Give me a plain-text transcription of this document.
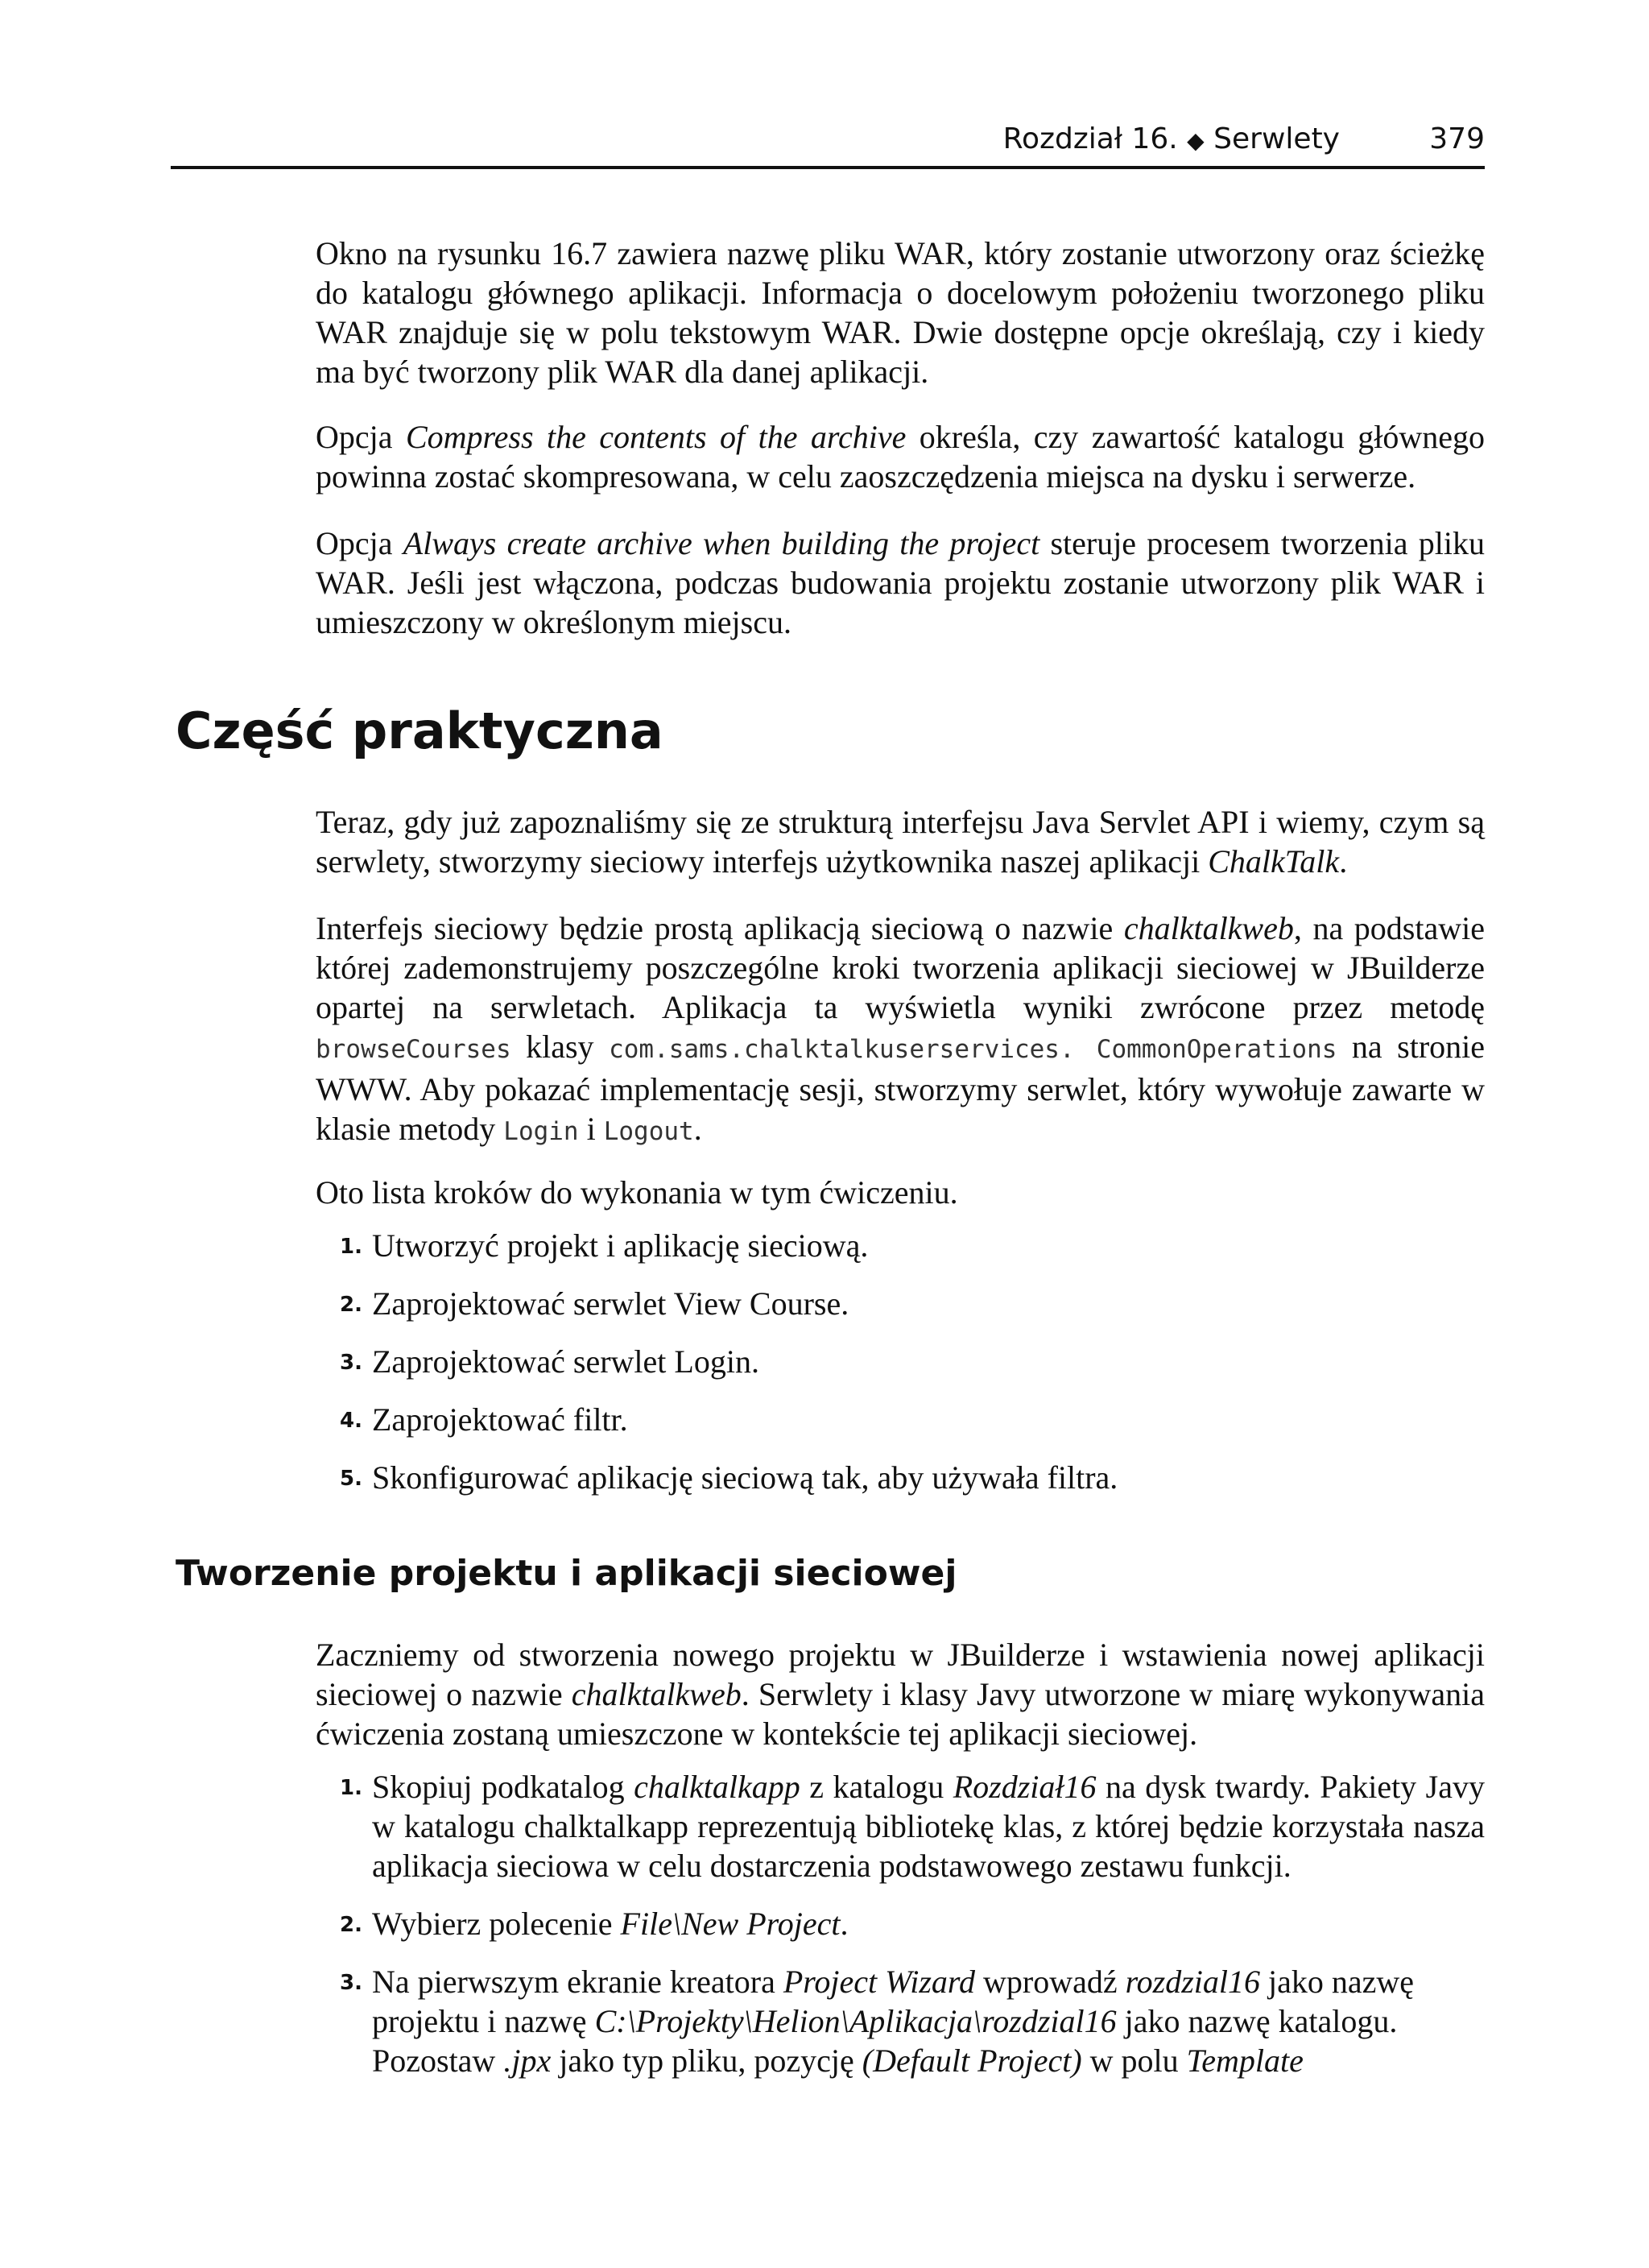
Rozdział 16. ◆ Serwlety	379

Okno na rysunku 16.7 zawiera nazwę pliku WAR, który zostanie utworzony oraz ścieżkę do katalogu głównego aplikacji. Informacja o docelowym położeniu tworzonego pliku WAR znajduje się w polu tekstowym WAR. Dwie dostępne opcje określają, czy i kiedy ma być tworzony plik WAR dla danej aplikacji.

Opcja Compress the contents of the archive określa, czy zawartość katalogu głównego powinna zostać skompresowana, w celu zaoszczędzenia miejsca na dysku i serwerze.

Opcja Always create archive when building the project steruje procesem tworzenia pliku WAR. Jeśli jest włączona, podczas budowania projektu zostanie utworzony plik WAR i umieszczony w określonym miejscu.

Część praktyczna

Teraz, gdy już zapoznaliśmy się ze strukturą interfejsu Java Servlet API i wiemy, czym są serwlety, stworzymy sieciowy interfejs użytkownika naszej aplikacji ChalkTalk.

Interfejs sieciowy będzie prostą aplikacją sieciową o nazwie chalktalkweb, na podstawie której zademonstrujemy poszczególne kroki tworzenia aplikacji sieciowej w JBuilderze opartej na serwletach. Aplikacja ta wyświetla wyniki zwrócone przez metodę browseCourses klasy com.sams.chalktalkuserservices. CommonOperations na stronie WWW. Aby pokazać implementację sesji, stworzymy serwlet, który wywołuje zawarte w klasie metody Login i Logout.

Oto lista kroków do wykonania w tym ćwiczeniu.

1. Utworzyć projekt i aplikację sieciową.
2. Zaprojektować serwlet View Course.
3. Zaprojektować serwlet Login.
4. Zaprojektować filtr.
5. Skonfigurować aplikację sieciową tak, aby używała filtra.
Tworzenie projektu i aplikacji sieciowej

Zaczniemy od stworzenia nowego projektu w JBuilderze i wstawienia nowej aplikacji sieciowej o nazwie chalktalkweb. Serwlety i klasy Javy utworzone w miarę wykonywania ćwiczenia zostaną umieszczone w kontekście tej aplikacji sieciowej.

1. Skopiuj podkatalog chalktalkapp z katalogu Rozdział16 na dysk twardy. Pakiety Javy w katalogu chalktalkapp reprezentują bibliotekę klas, z której będzie korzystała nasza aplikacja sieciowa w celu dostarczenia podstawowego zestawu funkcji.
2. Wybierz polecenie File\New Project.
3. Na pierwszym ekranie kreatora Project Wizard wprowadź rozdzial16 jako nazwę projektu i nazwę C:\Projekty\Helion\Aplikacja\rozdzial16 jako nazwę katalogu. Pozostaw .jpx jako typ pliku, pozycję (Default Project) w polu Template
